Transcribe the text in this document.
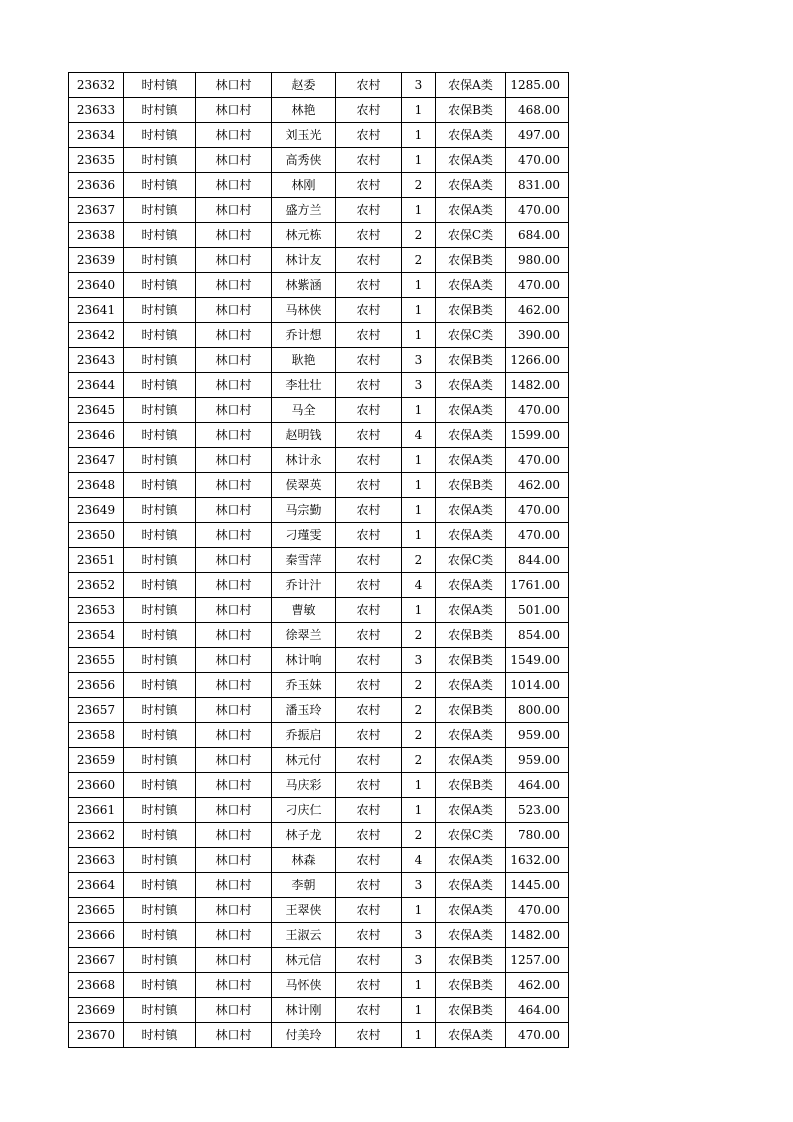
23632	时村镇	林口村	赵委	农村	3	农保A类	1285.00
23633	时村镇	林口村	林艳	农村	1	农保B类	468.00
23634	时村镇	林口村	刘玉光	农村	1	农保A类	497.00
23635	时村镇	林口村	高秀侠	农村	1	农保A类	470.00
23636	时村镇	林口村	林刚	农村	2	农保A类	831.00
23637	时村镇	林口村	盛方兰	农村	1	农保A类	470.00
23638	时村镇	林口村	林元栋	农村	2	农保C类	684.00
23639	时村镇	林口村	林计友	农村	2	农保B类	980.00
23640	时村镇	林口村	林紫涵	农村	1	农保A类	470.00
23641	时村镇	林口村	马林侠	农村	1	农保B类	462.00
23642	时村镇	林口村	乔计想	农村	1	农保C类	390.00
23643	时村镇	林口村	耿艳	农村	3	农保B类	1266.00
23644	时村镇	林口村	李壮壮	农村	3	农保A类	1482.00
23645	时村镇	林口村	马全	农村	1	农保A类	470.00
23646	时村镇	林口村	赵明钱	农村	4	农保A类	1599.00
23647	时村镇	林口村	林计永	农村	1	农保A类	470.00
23648	时村镇	林口村	侯翠英	农村	1	农保B类	462.00
23649	时村镇	林口村	马宗勤	农村	1	农保A类	470.00
23650	时村镇	林口村	刁瑾雯	农村	1	农保A类	470.00
23651	时村镇	林口村	秦雪萍	农村	2	农保C类	844.00
23652	时村镇	林口村	乔计汁	农村	4	农保A类	1761.00
23653	时村镇	林口村	曹敏	农村	1	农保A类	501.00
23654	时村镇	林口村	徐翠兰	农村	2	农保B类	854.00
23655	时村镇	林口村	林计响	农村	3	农保B类	1549.00
23656	时村镇	林口村	乔玉妹	农村	2	农保A类	1014.00
23657	时村镇	林口村	潘玉玲	农村	2	农保B类	800.00
23658	时村镇	林口村	乔振启	农村	2	农保A类	959.00
23659	时村镇	林口村	林元付	农村	2	农保A类	959.00
23660	时村镇	林口村	马庆彩	农村	1	农保B类	464.00
23661	时村镇	林口村	刁庆仁	农村	1	农保A类	523.00
23662	时村镇	林口村	林子龙	农村	2	农保C类	780.00
23663	时村镇	林口村	林森	农村	4	农保A类	1632.00
23664	时村镇	林口村	李朝	农村	3	农保A类	1445.00
23665	时村镇	林口村	王翠侠	农村	1	农保A类	470.00
23666	时村镇	林口村	王淑云	农村	3	农保A类	1482.00
23667	时村镇	林口村	林元信	农村	3	农保B类	1257.00
23668	时村镇	林口村	马怀侠	农村	1	农保B类	462.00
23669	时村镇	林口村	林计刚	农村	1	农保B类	464.00
23670	时村镇	林口村	付美玲	农村	1	农保A类	470.00
